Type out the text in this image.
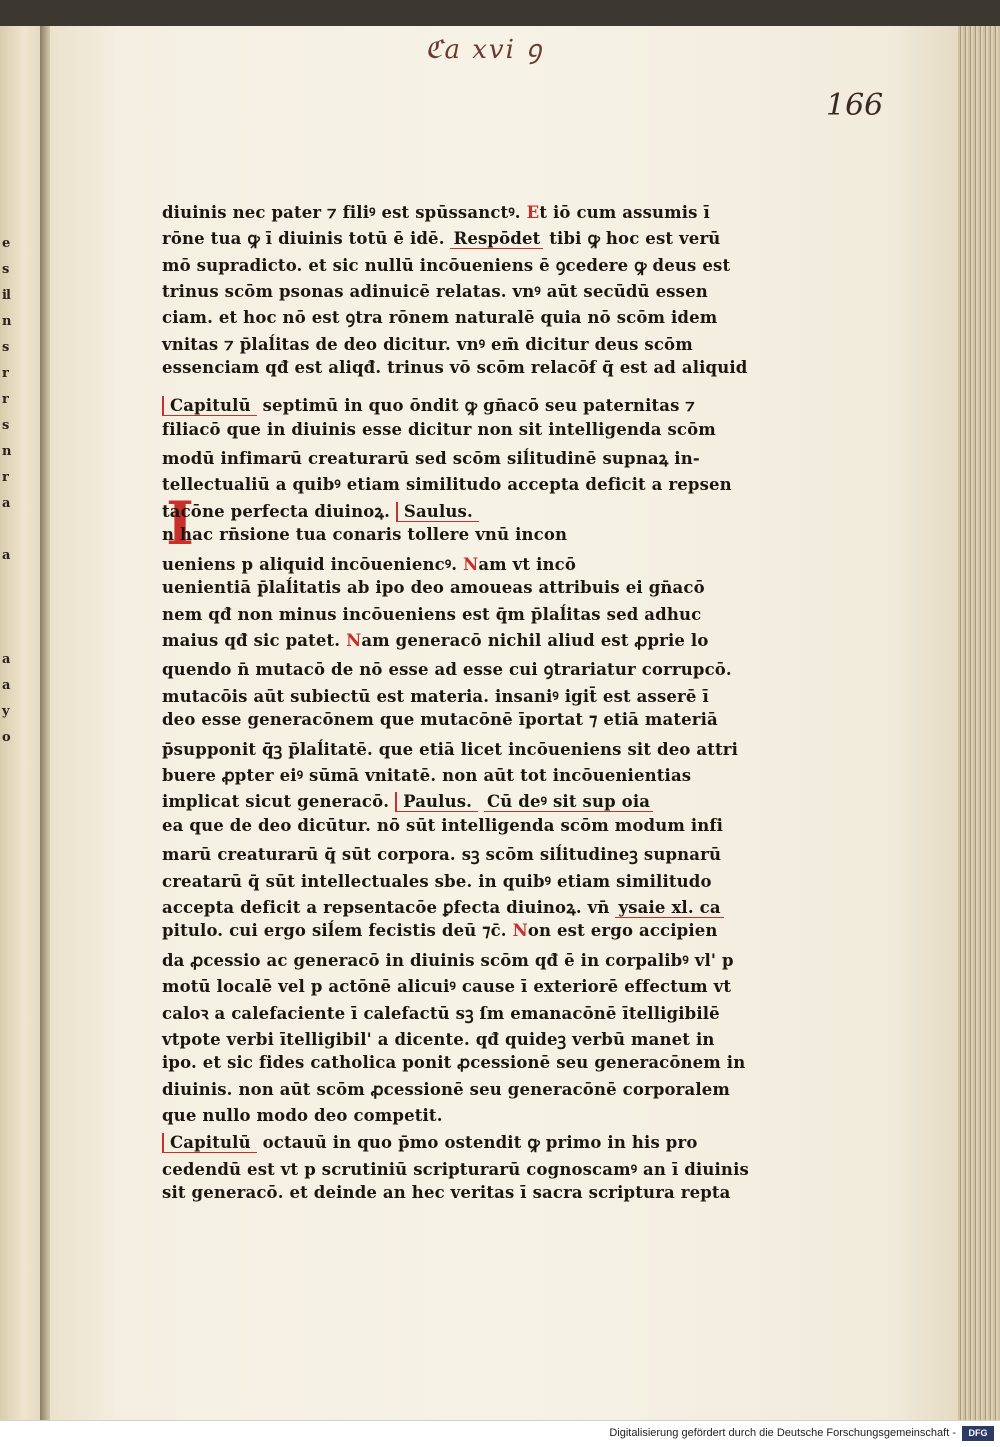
e
s
il
n
s
r
r
s
n
r
a
a
a
a
y
o
ℭa xvi ꝯ
166
I
diuinis nec pater ⁊ filiꝰ est spūssanctꝰ. Et iō cum assumis ī
rōne tua ꝙ ī diuinis totū ē idē. Respōdet tibi ꝙ hoc est verū
mō supradicto. et sic nullū incōueniens ē ꝯcedere ꝙ deus est
trinus scōm psonas adinuicē relatas. vnꝰ aūt secūdū essen
ciam. et hoc nō est ꝯtra rōnem naturalē quia nō scōm idem
vnitas ⁊ p̄laĺitas de deo dicitur. vnꝰ em̄ dicitur deus scōm
essenciam qđ est aliqđ. trinus vō scōm relacōẜ q̄ est ad aliquid
Capitulū septimū in quo ōndit ꝙ gn̄acō seu paternitas ⁊
filiacō que in diuinis esse dicitur non sit intelligenda scōm
modū infimarū creaturarū sed scōm siĺitudinē supnaꝝ in-
tellectualiū a quibꝰ etiam similitudo accepta deficit a repsen
tacōne perfecta diuinoꝝ. Saulus.
n hac rn̄sione tua conaris tollere vnū incon
ueniens p aliquid incōueniencꝰ. Nam vt incō
uenientiā p̄laĺitatis ab ipo deo amoueas attribuis ei gn̄acō
nem qđ non minus incōueniens est q̄m p̄laĺitas sed adhuc
maius qđ sic patet. Nam generacō nichil aliud est ꝓprie lo
quendo n̄ mutacō de nō esse ad esse cui ꝯtrariatur corrupcō.
mutacōis aūt subiectū est materia. insaniꝰ igit̄ est asserē ī
deo esse generacōnem que mutacōnē īportat ⁊ etiā materiā
p̄supponit q̄ꝫ p̄laĺitatē. que etiā licet incōueniens sit deo attri
buere ꝓpter eiꝰ sūmā vnitatē. non aūt tot incōuenientias
implicat sicut generacō. Paulus. Cū deꝰ sit sup oia
ea que de deo dicūtur. nō sūt intelligenda scōm modum infi
marū creaturarū q̄ sūt corpora. sꝫ scōm siĺitudineꝫ supnarū
creatarū q̄ sūt intellectuales sbe. in quibꝰ etiam similitudo
accepta deficit a repsentacōe ꝑfecta diuinoꝝ. vn̄ ysaie xl. ca
pitulo. cui ergo siĺem fecistis deū ⁊c̄. Non est ergo accipien
da ꝓcessio ac generacō in diuinis scōm qđ ē in corpalibꝰ vl' p
motū localē vel p actōnē alicuiꝰ cause ī exteriorē effectum vt
caloꝛ a calefaciente ī calefactū sꝫ ſm emanacōnē ītelligibilē
vtpote verbi ītelligibil' a dicente. qđ quideꝫ verbū manet in
ipo. et sic fides catholica ponit ꝓcessionē seu generacōnem in
diuinis. non aūt scōm ꝓcessionē seu generacōnē corporalem
que nullo modo deo competit.
Capitulū octauū in quo p̄mo ostendit ꝙ primo in his pro
cedendū est vt p scrutiniū scripturarū cognoscamꝰ an ī diuinis
sit generacō. et deinde an hec veritas ī sacra scriptura repta
Digitalisierung gefördert durch die Deutsche Forschungsgemeinschaft -	DFG
